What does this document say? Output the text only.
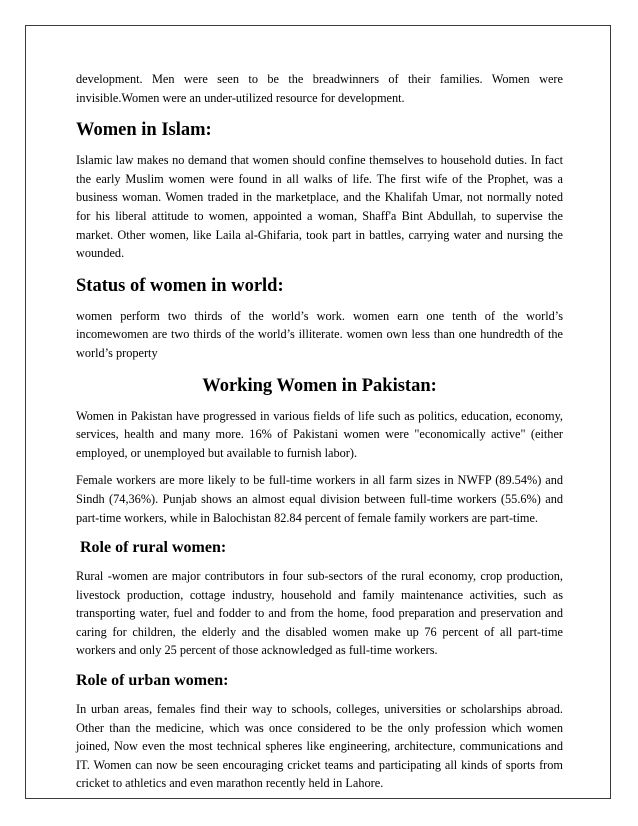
development. Men were seen to be the breadwinners of their families. Women were invisible.Women were an under-utilized resource for development.

Women in Islam:

Islamic law makes no demand that women should confine themselves to household duties. In fact the early Muslim women were found in all walks of life. The first wife of the Prophet, was a business woman. Women traded in the marketplace, and the Khalifah Umar, not normally noted for his liberal attitude to women, appointed a woman, Shaff'a Bint Abdullah, to supervise the market. Other women, like Laila al-Ghifaria, took part in battles, carrying water and nursing the wounded.

Status of women in world:

women perform two thirds of the world’s work. women earn one tenth of the world’s incomewomen are two thirds of the world’s illiterate. women own less than one hundredth of the world’s property

Working Women in Pakistan:

Women in Pakistan have progressed in various fields of life such as politics, education, economy, services, health and many more. 16% of Pakistani women were "economically active" (either employed, or unemployed but available to furnish labor).

Female workers are more likely to be full-time workers in all farm sizes in NWFP (89.54%) and Sindh (74,36%). Punjab shows an almost equal division between full-time workers (55.6%) and part-time workers, while in Balochistan 82.84 percent of female family workers are part-time.

Role of rural women:

Rural -women are major contributors in four sub-sectors of the rural economy, crop production, livestock production, cottage industry, household and family maintenance activities, such as transporting water, fuel and fodder to and from the home, food preparation and preservation and caring for children, the elderly and the disabled women make up 76 percent of all part-time workers and only 25 percent of those acknowledged as full-time workers.

Role of urban women:

In urban areas, females find their way to schools, colleges, universities or scholarships abroad. Other than the medicine, which was once considered to be the only profession which women joined, Now even the most technical spheres like engineering, architecture, communications and IT. Women can now be seen encouraging cricket teams and participating all kinds of sports from cricket to athletics and even marathon recently held in Lahore.
